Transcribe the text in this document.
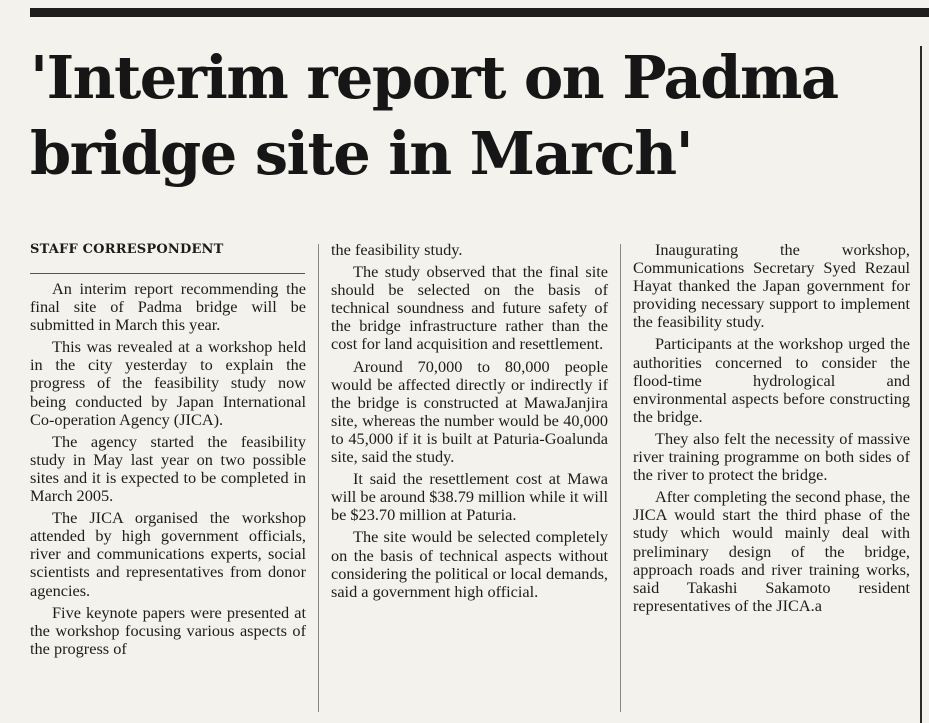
'Interim report on Padma bridge site in March'
STAFF CORRESPONDENT

An interim report recommending the final site of Padma bridge will be submitted in March this year.

This was revealed at a workshop held in the city yesterday to explain the progress of the feasibility study now being conducted by Japan International Co-operation Agency (JICA).

The agency started the feasibility study in May last year on two possible sites and it is expected to be completed in March 2005.

The JICA organised the workshop attended by high government officials, river and communications experts, social scientists and representatives from donor agencies.

Five keynote papers were presented at the workshop focusing various aspects of the progress of

the feasibility study.

The study observed that the final site should be selected on the basis of technical soundness and future safety of the bridge infrastructure rather than the cost for land acquisition and resettlement.

Around 70,000 to 80,000 people would be affected directly or indirectly if the bridge is constructed at MawaJanjira site, whereas the number would be 40,000 to 45,000 if it is built at Paturia-Goalunda site, said the study.

It said the resettlement cost at Mawa will be around $38.79 million while it will be $23.70 million at Paturia.

The site would be selected completely on the basis of technical aspects without considering the political or local demands, said a government high official.

Inaugurating the workshop, Communications Secretary Syed Rezaul Hayat thanked the Japan government for providing necessary support to implement the feasibility study.

Participants at the workshop urged the authorities concerned to consider the flood-time hydrological and environmental aspects before constructing the bridge.

They also felt the necessity of massive river training programme on both sides of the river to protect the bridge.

After completing the second phase, the JICA would start the third phase of the study which would mainly deal with preliminary design of the bridge, approach roads and river training works, said Takashi Sakamoto resident representatives of the JICA.a
